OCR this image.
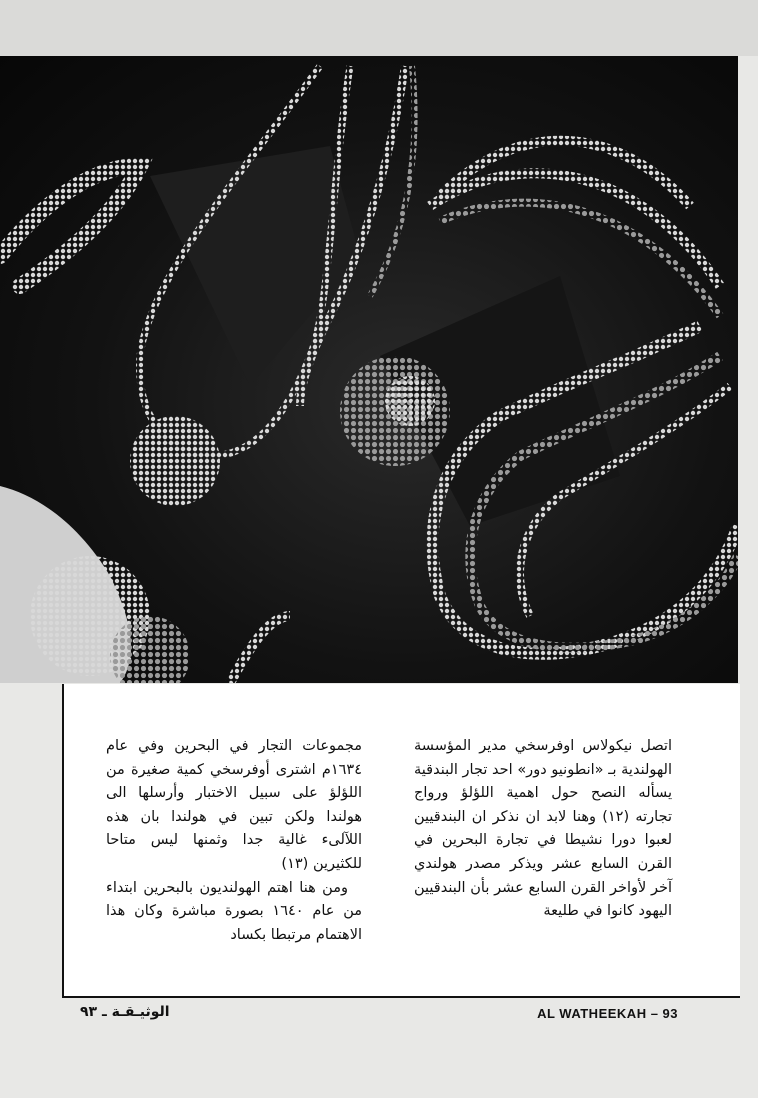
اتصل نيكولاس اوفرسخي مدير المؤسسة الهولندية بـ «انطونيو دور» احد تجار البندقية يسأله النصح حول اهمية اللؤلؤ ورواج تجارته (١٢) وهنا لابد ان نذكر ان البندقيين لعبوا دورا نشيطا في تجارة البحرين في القرن السابع عشر ويذكر مصدر هولندي آخر لأواخر القرن السابع عشر بأن البندقيين اليهود كانوا في طليعة

مجموعات التجار في البحرين وفي عام ١٦٣٤م اشترى أوفرسخي كمية صغيرة من اللؤلؤ على سبيل الاختبار وأرسلها الى هولندا ولكن تبين في هولندا بان هذه اللآلىء غالية جدا وثمنها ليس متاحا للكثيرين (١٣)

ومن هنا اهتم الهولنديون بالبحرين ابتداء من عام ١٦٤٠ بصورة مباشرة وكان هذا الاهتمام مرتبطا بكساد

الوثيـقـة ـ ٩٣	AL WATHEEKAH – 93
